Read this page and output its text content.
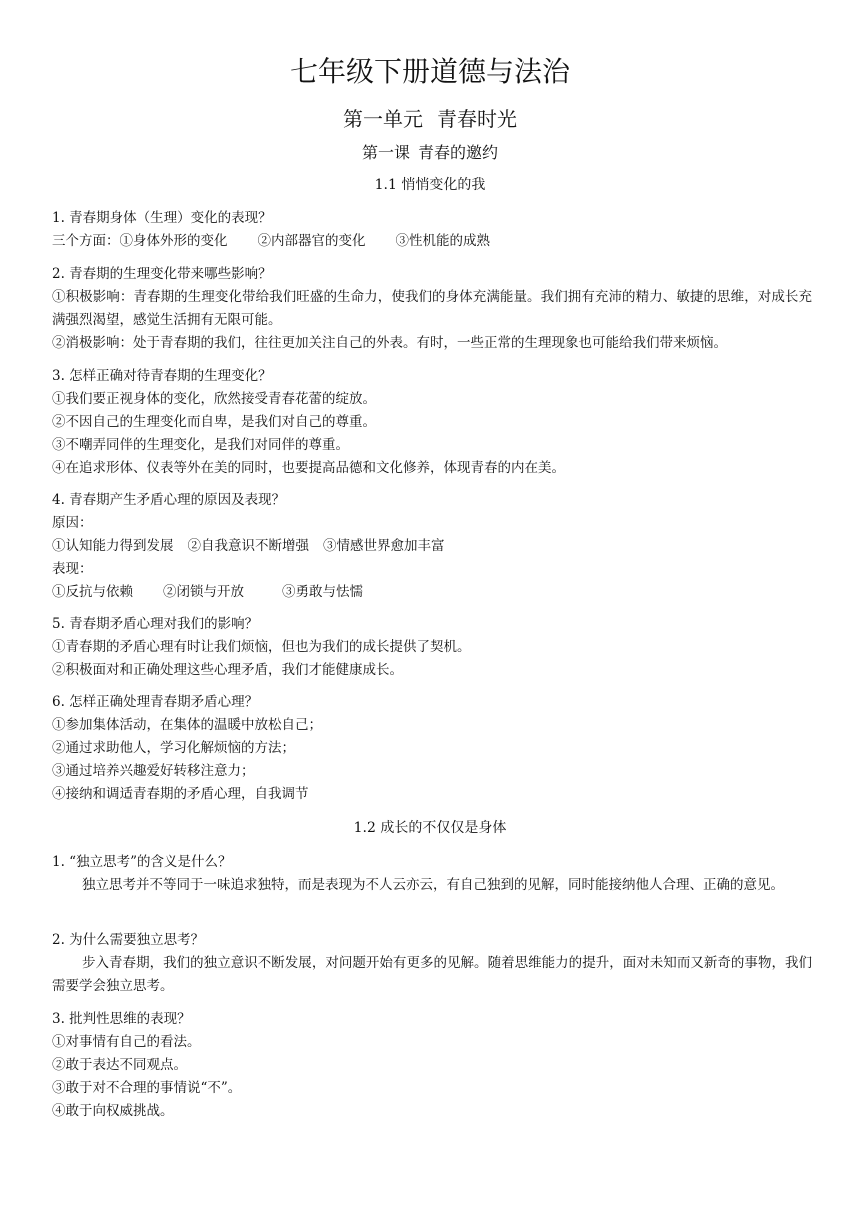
七年级下册道德与法治
第一单元 青春时光
第一课 青春的邀约
1.1 悄悄变化的我
1. 青春期身体（生理）变化的表现？
三个方面：①身体外形的变化 ②内部器官的变化 ③性机能的成熟
2. 青春期的生理变化带来哪些影响？
①积极影响：青春期的生理变化带给我们旺盛的生命力，使我们的身体充满能量。我们拥有充沛的精力、敏捷的思维，对成长充满强烈渴望，感觉生活拥有无限可能。
②消极影响：处于青春期的我们，往往更加关注自己的外表。有时，一些正常的生理现象也可能给我们带来烦恼。
3. 怎样正确对待青春期的生理变化？
①我们要正视身体的变化，欣然接受青春花蕾的绽放。
②不因自己的生理变化而自卑，是我们对自己的尊重。
③不嘲弄同伴的生理变化，是我们对同伴的尊重。
④在追求形体、仪表等外在美的同时，也要提高品德和文化修养，体现青春的内在美。
4. 青春期产生矛盾心理的原因及表现？
原因：
①认知能力得到发展 ②自我意识不断增强 ③情感世界愈加丰富
表现：
①反抗与依赖 ②闭锁与开放	③勇敢与怯懦
5. 青春期矛盾心理对我们的影响？
①青春期的矛盾心理有时让我们烦恼，但也为我们的成长提供了契机。
②积极面对和正确处理这些心理矛盾，我们才能健康成长。
6. 怎样正确处理青春期矛盾心理？
①参加集体活动，在集体的温暖中放松自己；
②通过求助他人，学习化解烦恼的方法；
③通过培养兴趣爱好转移注意力；
④接纳和调适青春期的矛盾心理，自我调节
1.2 成长的不仅仅是身体
1. “独立思考”的含义是什么？
独立思考并不等同于一味追求独特，而是表现为不人云亦云，有自己独到的见解，同时能接纳他人合理、正确的意见。
2. 为什么需要独立思考？
步入青春期，我们的独立意识不断发展，对问题开始有更多的见解。随着思维能力的提升，面对未知而又新奇的事物，我们需要学会独立思考。
3. 批判性思维的表现？
①对事情有自己的看法。
②敢于表达不同观点。
③敢于对不合理的事情说“不”。
④敢于向权威挑战。
